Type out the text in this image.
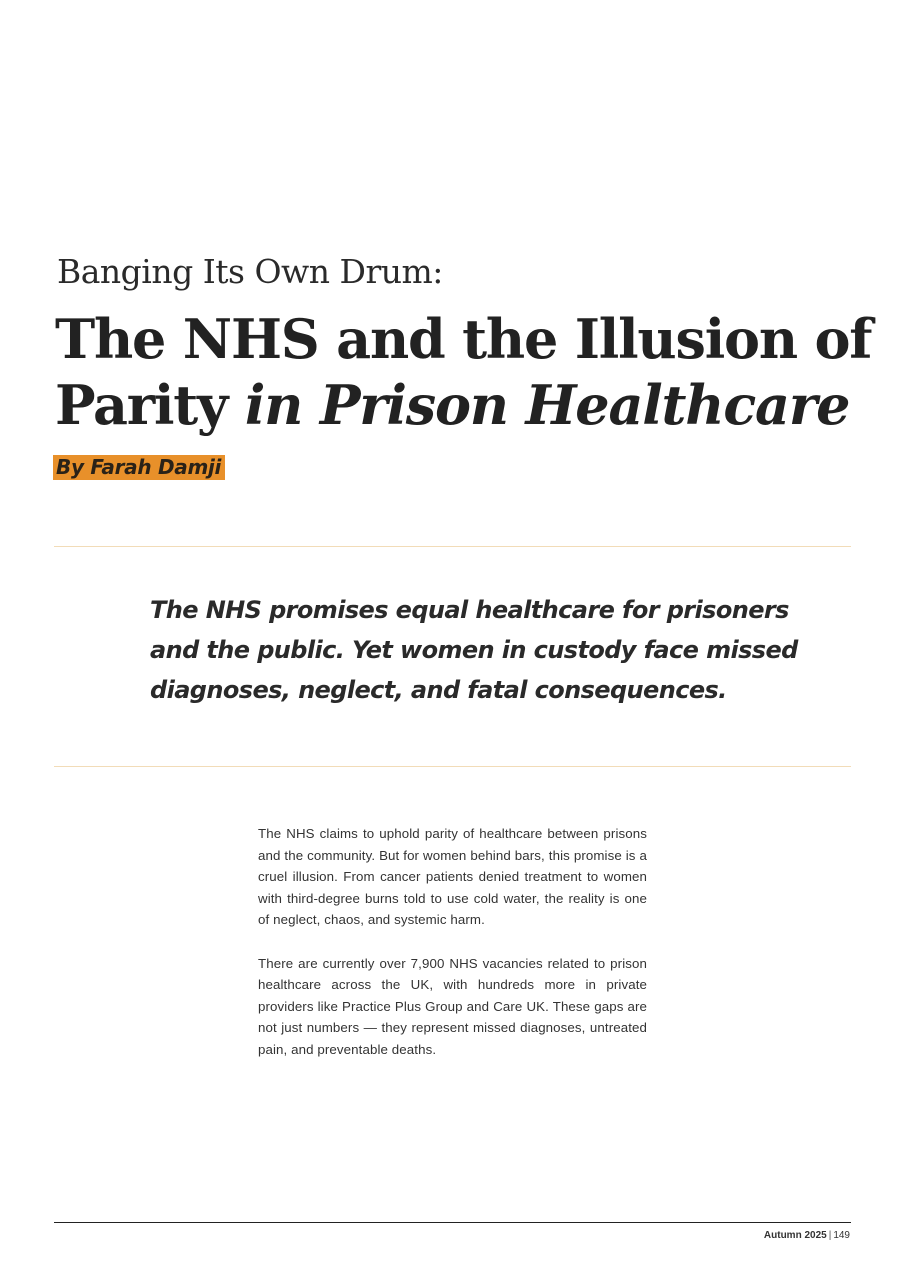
Banging Its Own Drum:
The NHS and the Illusion of Parity in Prison Healthcare
By Farah Damji

The NHS promises equal healthcare for prisoners and the public. Yet women in custody face missed diagnoses, neglect, and fatal consequences.

The NHS claims to uphold parity of healthcare between prisons and the community. But for women behind bars, this promise is a cruel illusion. From cancer patients denied treatment to women with third-degree burns told to use cold water, the reality is one of neglect, chaos, and systemic harm.

There are currently over 7,900 NHS vacancies related to prison healthcare across the UK, with hundreds more in private providers like Practice Plus Group and Care UK. These gaps are not just numbers — they represent missed diagnoses, untreated pain, and preventable deaths.

Autumn 2025 | 149
